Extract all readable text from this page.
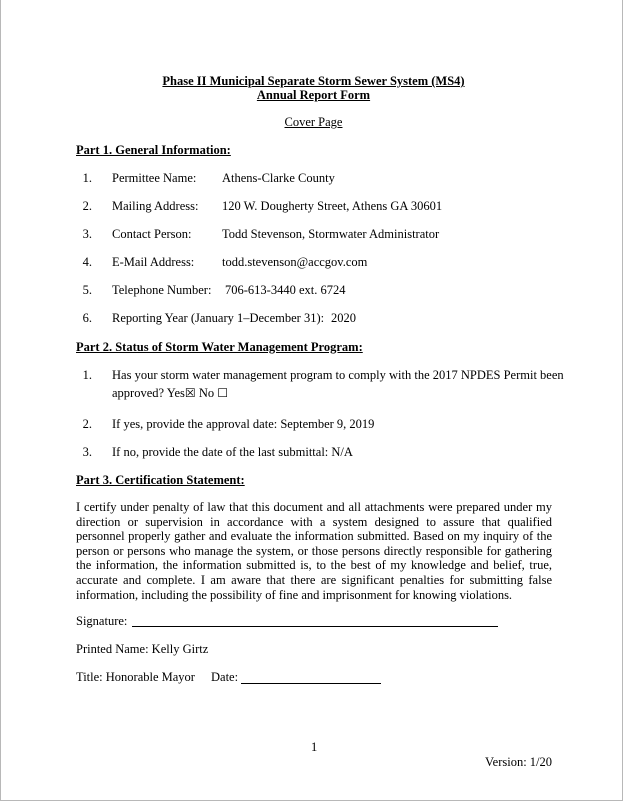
Phase II Municipal Separate Storm Sewer System (MS4)
Annual Report Form
Cover Page
Part 1. General Information:
1. Permittee Name: Athens-Clarke County
2. Mailing Address: 120 W. Dougherty Street, Athens GA 30601
3. Contact Person: Todd Stevenson, Stormwater Administrator
4. E-Mail Address: todd.stevenson@accgov.com
5. Telephone Number: 706-613-3440 ext. 6724
6. Reporting Year (January 1–December 31): 2020
Part 2. Status of Storm Water Management Program:
1. Has your storm water management program to comply with the 2017 NPDES Permit been
approved? Yes☒ No ☐
2. If yes, provide the approval date: September 9, 2019
3. If no, provide the date of the last submittal: N/A
Part 3. Certification Statement:
I certify under penalty of law that this document and all attachments were prepared under my direction or supervision in accordance with a system designed to assure that qualified personnel properly gather and evaluate the information submitted. Based on my inquiry of the person or persons who manage the system, or those persons directly responsible for gathering the information, the information submitted is, to the best of my knowledge and belief, true, accurate and complete. I am aware that there are significant penalties for submitting false information, including the possibility of fine and imprisonment for knowing violations.
Signature:
Printed Name: Kelly Girtz
Title: Honorable Mayor Date:
1
Version: 1/20
